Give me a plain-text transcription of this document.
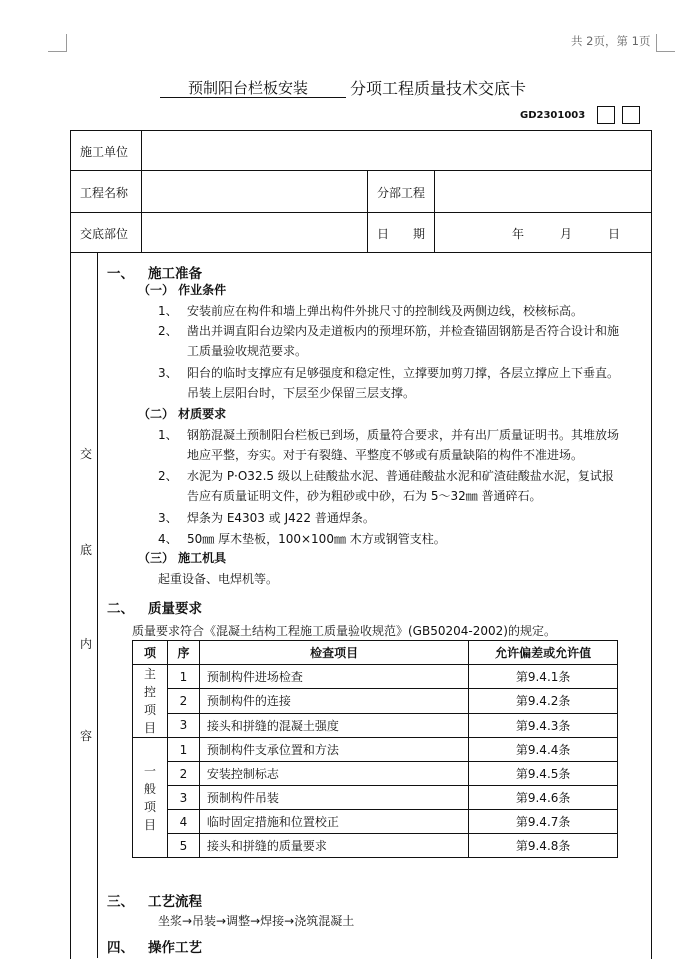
共 2页，第 1页
预制阳台栏板安装	分项工程质量技术交底卡
GD2301003
施工单位
工程名称	分部工程
交底部位	日　　期	年	月	日
交
底
内
容
一、 施工准备
（一） 作业条件
1、 安装前应在构件和墙上弹出构件外挑尺寸的控制线及两侧边线，校核标高。
2、 凿出并调直阳台边梁内及走道板内的预埋环筋，并检查锚固钢筋是否符合设计和施
工质量验收规范要求。
3、 阳台的临时支撑应有足够强度和稳定性，立撑要加剪刀撑，各层立撑应上下垂直。
吊装上层阳台时，下层至少保留三层支撑。
（二） 材质要求
1、 钢筋混凝土预制阳台栏板已到场，质量符合要求，并有出厂质量证明书。其堆放场
地应平整，夯实。对于有裂缝、平整度不够或有质量缺陷的构件不准进场。
2、 水泥为 P·O32.5 级以上硅酸盐水泥、普通硅酸盐水泥和矿渣硅酸盐水泥，复试报
告应有质量证明文件，砂为粗砂或中砂，石为 5～32㎜ 普通碎石。
3、 焊条为 E4303 或 J422 普通焊条。
4、 50㎜ 厚木垫板，100×100㎜ 木方或钢管支柱。
（三） 施工机具
起重设备、电焊机等。
二、 质量要求
质量要求符合《混凝土结构工程施工质量验收规范》(GB50204-2002)的规定。
项	序	检查项目	允许偏差或允许值
主
控
项
目	1	预制构件进场检查	第9.4.1条
	2	预制构件的连接	第9.4.2条
	3	接头和拼缝的混凝土强度	第9.4.3条
一
般
项
目	1	预制构件支承位置和方法	第9.4.4条
	2	安装控制标志	第9.4.5条
	3	预制构件吊装	第9.4.6条
	4	临时固定措施和位置校正	第9.4.7条
	5	接头和拼缝的质量要求	第9.4.8条
三、 工艺流程
坐浆→吊装→调整→焊接→浇筑混凝土
四、 操作工艺
